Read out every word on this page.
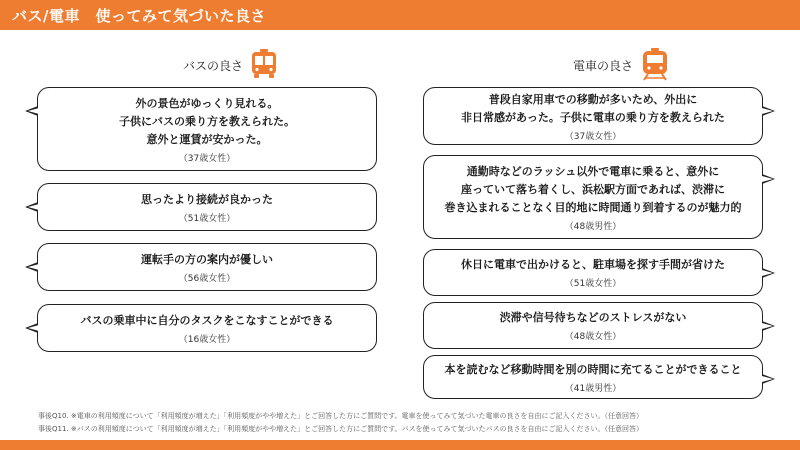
バス/電車　使ってみて気づいた良さ
バスの良さ
外の景色がゆっくり見れる。
子供にバスの乗り方を教えられた。
意外と運賃が安かった。
（37歳女性）
思ったより接続が良かった
（51歳女性）
運転手の方の案内が優しい
（56歳女性）
バスの乗車中に自分のタスクをこなすことができる
（16歳女性）
電車の良さ
普段自家用車での移動が多いため、外出に
非日常感があった。子供に電車の乗り方を教えられた
（37歳女性）
通勤時などのラッシュ以外で電車に乗ると、意外に
座っていて落ち着くし、浜松駅方面であれば、渋滞に
巻き込まれることなく目的地に時間通り到着するのが魅力的
（48歳男性）
休日に電車で出かけると、駐車場を探す手間が省けた
（51歳女性）
渋滞や信号待ちなどのストレスがない
（48歳女性）
本を読むなど移動時間を別の時間に充てることができること
（41歳男性）
事後Q10. ※電車の利用頻度について「利用頻度が増えた」「利用頻度がやや増えた」とご回答した方にご質問です。電車を使ってみて気づいた電車の良さを自由にご記入ください。（任意回答）
事後Q11. ※バスの利用頻度について「利用頻度が増えた」「利用頻度がやや増えた」とご回答した方にご質問です。バスを使ってみて気づいたバスの良さを自由にご記入ください。（任意回答）
